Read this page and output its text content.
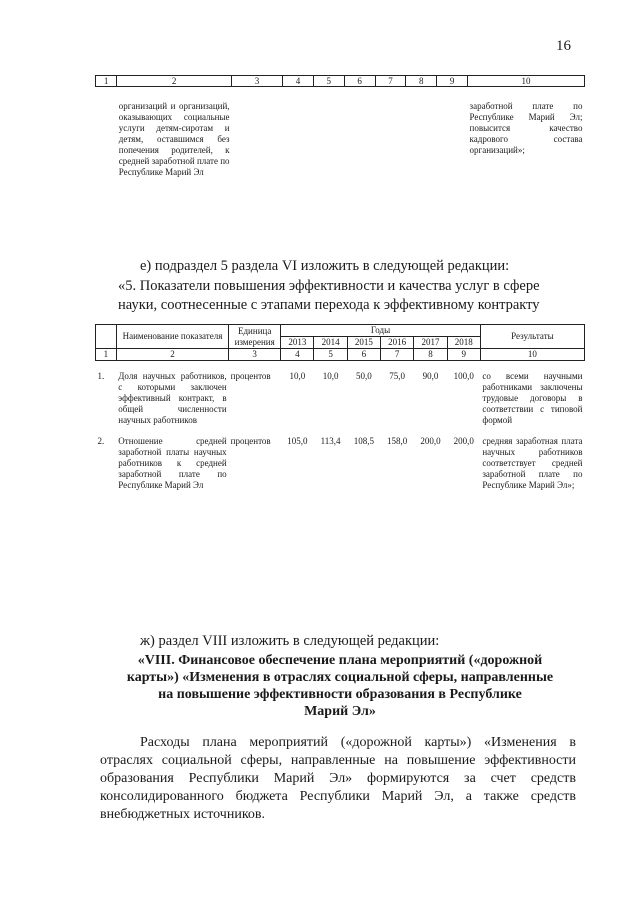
16
1	2	3	4	5	6	7	8	9	10
	организаций и организаций, оказывающих социальные услуги детям-сиротам и детям, оставшимся без попечения родителей, к средней заработной плате по Республике Марий Эл								заработной плате по Республике Марий Эл; повысится качество кадрового состава организаций»;
е) подраздел 5 раздела VI изложить в следующей редакции:
«5. Показатели повышения эффективности и качества услуг в сфере
науки, соотнесенные с этапами перехода к эффективному контракту
	Наименование показателя	Единица измерения	Годы						Результаты
			2013	2014	2015	2016	2017	2018	
1	2	3	4	5	6	7	8	9	10
1.	Доля научных работников, с которыми заключен эффективный контракт, в общей численности научных работников	процентов	10,0	10,0	50,0	75,0	90,0	100,0	со всеми научными работниками заключены трудовые договоры в соответствии с типовой формой
2.	Отношение средней заработной платы научных работников к средней заработной плате по Республике Марий Эл	процентов	105,0	113,4	108,5	158,0	200,0	200,0	средняя заработная плата научных работников соответствует средней заработной плате по Республике Марий Эл»;
ж) раздел VIII изложить в следующей редакции:
«VIII. Финансовое обеспечение плана мероприятий («дорожной
карты») «Изменения в отраслях социальной сферы, направленные
на повышение эффективности образования в Республике
Марий Эл»
Расходы плана мероприятий («дорожной карты») «Изменения в отраслях социальной сферы, направленные на повышение эффективности образования Республики Марий Эл» формируются за счет средств консолидированного бюджета Республики Марий Эл, а также средств внебюджетных источников.
